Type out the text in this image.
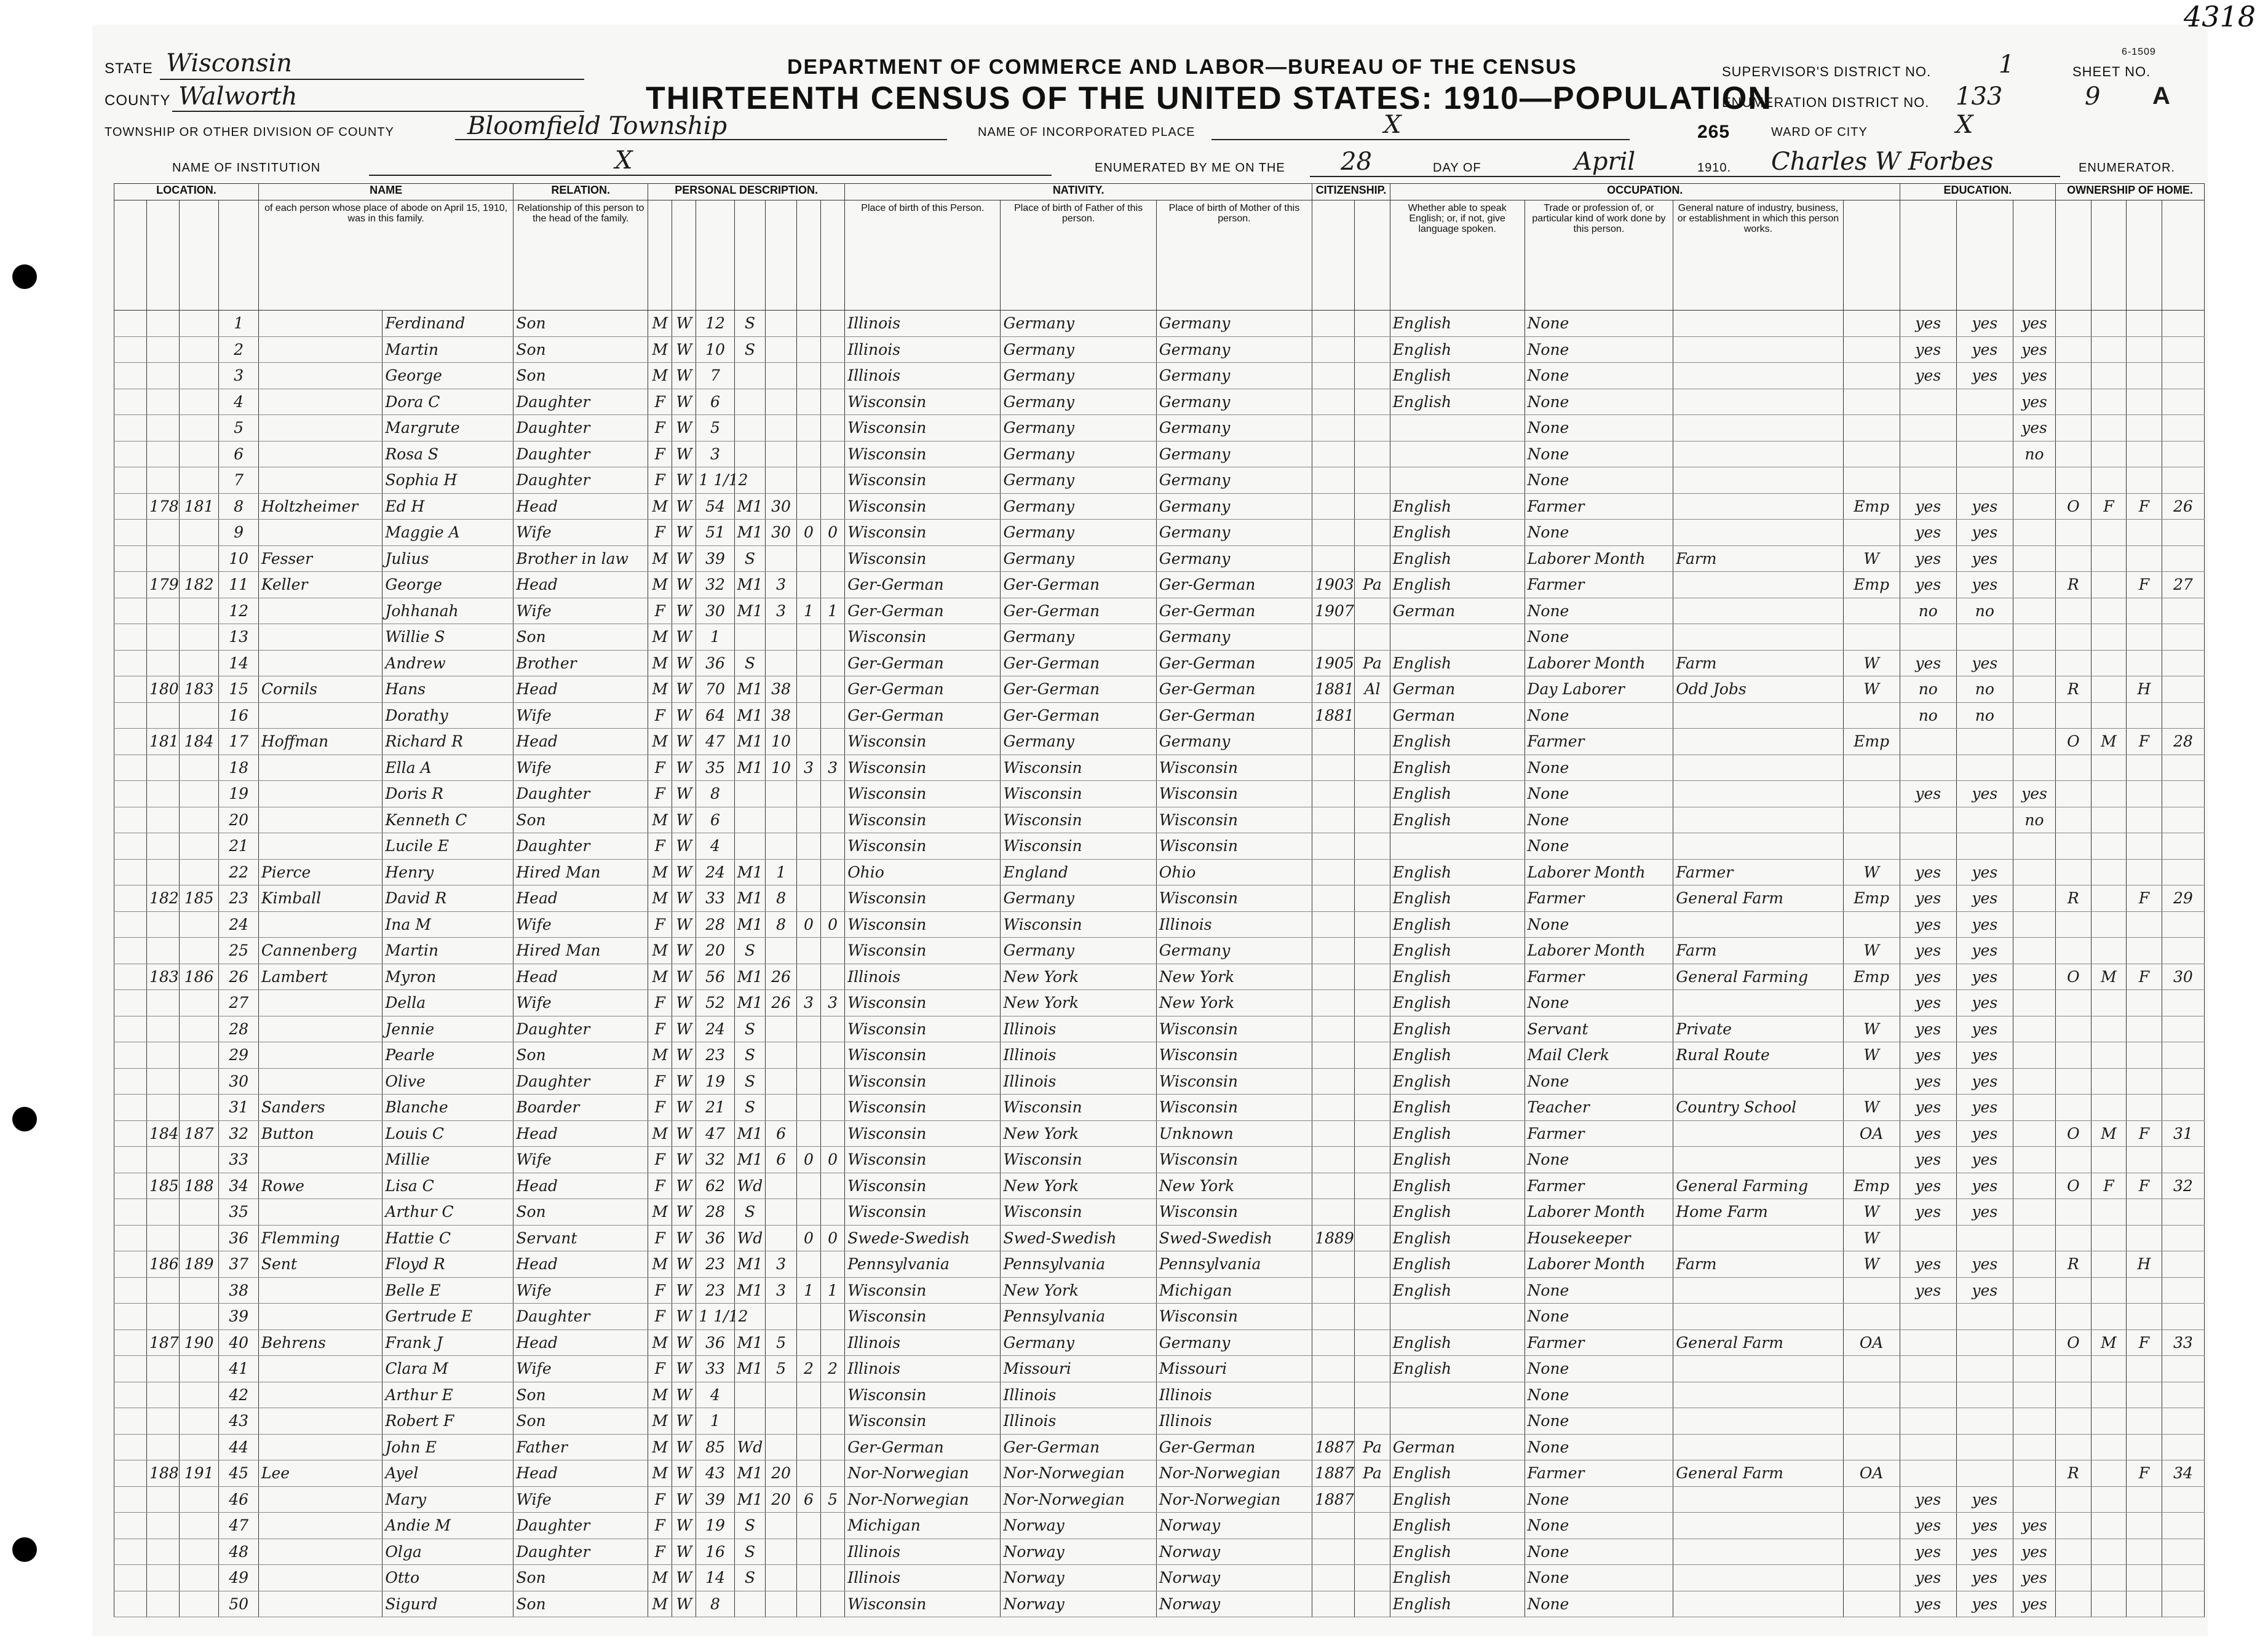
4318
STATE Wisconsin
COUNTY Walworth
TOWNSHIP OR OTHER DIVISION OF COUNTY	Bloomfield Township
NAME OF INSTITUTION	X
DEPARTMENT OF COMMERCE AND LABOR—BUREAU OF THE CENSUS
THIRTEENTH CENSUS OF THE UNITED STATES: 1910—POPULATION
NAME OF INCORPORATED PLACE	X
ENUMERATED BY ME ON THE 28	DAY OF	April	1910. Charles W Forbes	ENUMERATOR.
SUPERVISOR'S DISTRICT NO.	1
ENUMERATION DISTRICT NO. 133
265	WARD OF CITY	X
SHEET NO.
9 A
6-1509
LOCATION.				NAME		RELATION.	PERSONAL DESCRIPTION.							NATIVITY.			CITIZENSHIP.		OCCUPATION.				EDUCATION.			OWNERSHIP OF HOME.			
				of each person whose place of abode on April 15, 1910, was in this family.		Relationship of this person to the head of the family.								Place of birth of this Person.	Place of birth of Father of this person.	Place of birth of Mother of this person.			Whether able to speak English; or, if not, give language spoken.	Trade or profession of, or particular kind of work done by this person.	General nature of industry, business, or establishment in which this person works.								
			1		Ferdinand	Son	M	W	12	S				Illinois	Germany	Germany			English	None			yes	yes	yes				
			2		Martin	Son	M	W	10	S				Illinois	Germany	Germany			English	None			yes	yes	yes				
			3		George	Son	M	W	7					Illinois	Germany	Germany			English	None			yes	yes	yes				
			4		Dora C	Daughter	F	W	6					Wisconsin	Germany	Germany			English	None					yes				
			5		Margrute	Daughter	F	W	5					Wisconsin	Germany	Germany				None					yes				
			6		Rosa S	Daughter	F	W	3					Wisconsin	Germany	Germany				None					no				
			7		Sophia H	Daughter	F	W	1 1/12					Wisconsin	Germany	Germany				None									
	178	181	8	Holtzheimer	Ed H	Head	M	W	54	M1	30			Wisconsin	Germany	Germany			English	Farmer		Emp	yes	yes		O	F	F	26
			9		Maggie A	Wife	F	W	51	M1	30	0	0	Wisconsin	Germany	Germany			English	None			yes	yes					
			10	Fesser	Julius	Brother in law	M	W	39	S				Wisconsin	Germany	Germany			English	Laborer Month	Farm	W	yes	yes					
	179	182	11	Keller	George	Head	M	W	32	M1	3			Ger-German	Ger-German	Ger-German	1903	Pa	English	Farmer		Emp	yes	yes		R		F	27
			12		Johhanah	Wife	F	W	30	M1	3	1	1	Ger-German	Ger-German	Ger-German	1907		German	None			no	no					
			13		Willie S	Son	M	W	1					Wisconsin	Germany	Germany				None									
			14		Andrew	Brother	M	W	36	S				Ger-German	Ger-German	Ger-German	1905	Pa	English	Laborer Month	Farm	W	yes	yes					
	180	183	15	Cornils	Hans	Head	M	W	70	M1	38			Ger-German	Ger-German	Ger-German	1881	Al	German	Day Laborer	Odd Jobs	W	no	no		R		H	
			16		Dorathy	Wife	F	W	64	M1	38			Ger-German	Ger-German	Ger-German	1881		German	None			no	no					
	181	184	17	Hoffman	Richard R	Head	M	W	47	M1	10			Wisconsin	Germany	Germany			English	Farmer		Emp				O	M	F	28
			18		Ella A	Wife	F	W	35	M1	10	3	3	Wisconsin	Wisconsin	Wisconsin			English	None									
			19		Doris R	Daughter	F	W	8					Wisconsin	Wisconsin	Wisconsin			English	None			yes	yes	yes				
			20		Kenneth C	Son	M	W	6					Wisconsin	Wisconsin	Wisconsin			English	None					no				
			21		Lucile E	Daughter	F	W	4					Wisconsin	Wisconsin	Wisconsin				None									
			22	Pierce	Henry	Hired Man	M	W	24	M1	1			Ohio	England	Ohio			English	Laborer Month	Farmer	W	yes	yes					
	182	185	23	Kimball	David R	Head	M	W	33	M1	8			Wisconsin	Germany	Wisconsin			English	Farmer	General Farm	Emp	yes	yes		R		F	29
			24		Ina M	Wife	F	W	28	M1	8	0	0	Wisconsin	Wisconsin	Illinois			English	None			yes	yes					
			25	Cannenberg	Martin	Hired Man	M	W	20	S				Wisconsin	Germany	Germany			English	Laborer Month	Farm	W	yes	yes					
	183	186	26	Lambert	Myron	Head	M	W	56	M1	26			Illinois	New York	New York			English	Farmer	General Farming	Emp	yes	yes		O	M	F	30
			27		Della	Wife	F	W	52	M1	26	3	3	Wisconsin	New York	New York			English	None			yes	yes					
			28		Jennie	Daughter	F	W	24	S				Wisconsin	Illinois	Wisconsin			English	Servant	Private	W	yes	yes					
			29		Pearle	Son	M	W	23	S				Wisconsin	Illinois	Wisconsin			English	Mail Clerk	Rural Route	W	yes	yes					
			30		Olive	Daughter	F	W	19	S				Wisconsin	Illinois	Wisconsin			English	None			yes	yes					
			31	Sanders	Blanche	Boarder	F	W	21	S				Wisconsin	Wisconsin	Wisconsin			English	Teacher	Country School	W	yes	yes					
	184	187	32	Button	Louis C	Head	M	W	47	M1	6			Wisconsin	New York	Unknown			English	Farmer		OA	yes	yes		O	M	F	31
			33		Millie	Wife	F	W	32	M1	6	0	0	Wisconsin	Wisconsin	Wisconsin			English	None			yes	yes					
	185	188	34	Rowe	Lisa C	Head	F	W	62	Wd				Wisconsin	New York	New York			English	Farmer	General Farming	Emp	yes	yes		O	F	F	32
			35		Arthur C	Son	M	W	28	S				Wisconsin	Wisconsin	Wisconsin			English	Laborer Month	Home Farm	W	yes	yes					
			36	Flemming	Hattie C	Servant	F	W	36	Wd		0	0	Swede-Swedish	Swed-Swedish	Swed-Swedish	1889		English	Housekeeper		W							
	186	189	37	Sent	Floyd R	Head	M	W	23	M1	3			Pennsylvania	Pennsylvania	Pennsylvania			English	Laborer Month	Farm	W	yes	yes		R		H	
			38		Belle E	Wife	F	W	23	M1	3	1	1	Wisconsin	New York	Michigan			English	None			yes	yes					
			39		Gertrude E	Daughter	F	W	1 1/12					Wisconsin	Pennsylvania	Wisconsin				None									
	187	190	40	Behrens	Frank J	Head	M	W	36	M1	5			Illinois	Germany	Germany			English	Farmer	General Farm	OA				O	M	F	33
			41		Clara M	Wife	F	W	33	M1	5	2	2	Illinois	Missouri	Missouri			English	None									
			42		Arthur E	Son	M	W	4					Wisconsin	Illinois	Illinois				None									
			43		Robert F	Son	M	W	1					Wisconsin	Illinois	Illinois				None									
			44		John E	Father	M	W	85	Wd				Ger-German	Ger-German	Ger-German	1887	Pa	German	None									
	188	191	45	Lee	Ayel	Head	M	W	43	M1	20			Nor-Norwegian	Nor-Norwegian	Nor-Norwegian	1887	Pa	English	Farmer	General Farm	OA				R		F	34
			46		Mary	Wife	F	W	39	M1	20	6	5	Nor-Norwegian	Nor-Norwegian	Nor-Norwegian	1887		English	None			yes	yes					
			47		Andie M	Daughter	F	W	19	S				Michigan	Norway	Norway			English	None			yes	yes	yes				
			48		Olga	Daughter	F	W	16	S				Illinois	Norway	Norway			English	None			yes	yes	yes				
			49		Otto	Son	M	W	14	S				Illinois	Norway	Norway			English	None			yes	yes	yes				
			50		Sigurd	Son	M	W	8					Wisconsin	Norway	Norway			English	None			yes	yes	yes				
